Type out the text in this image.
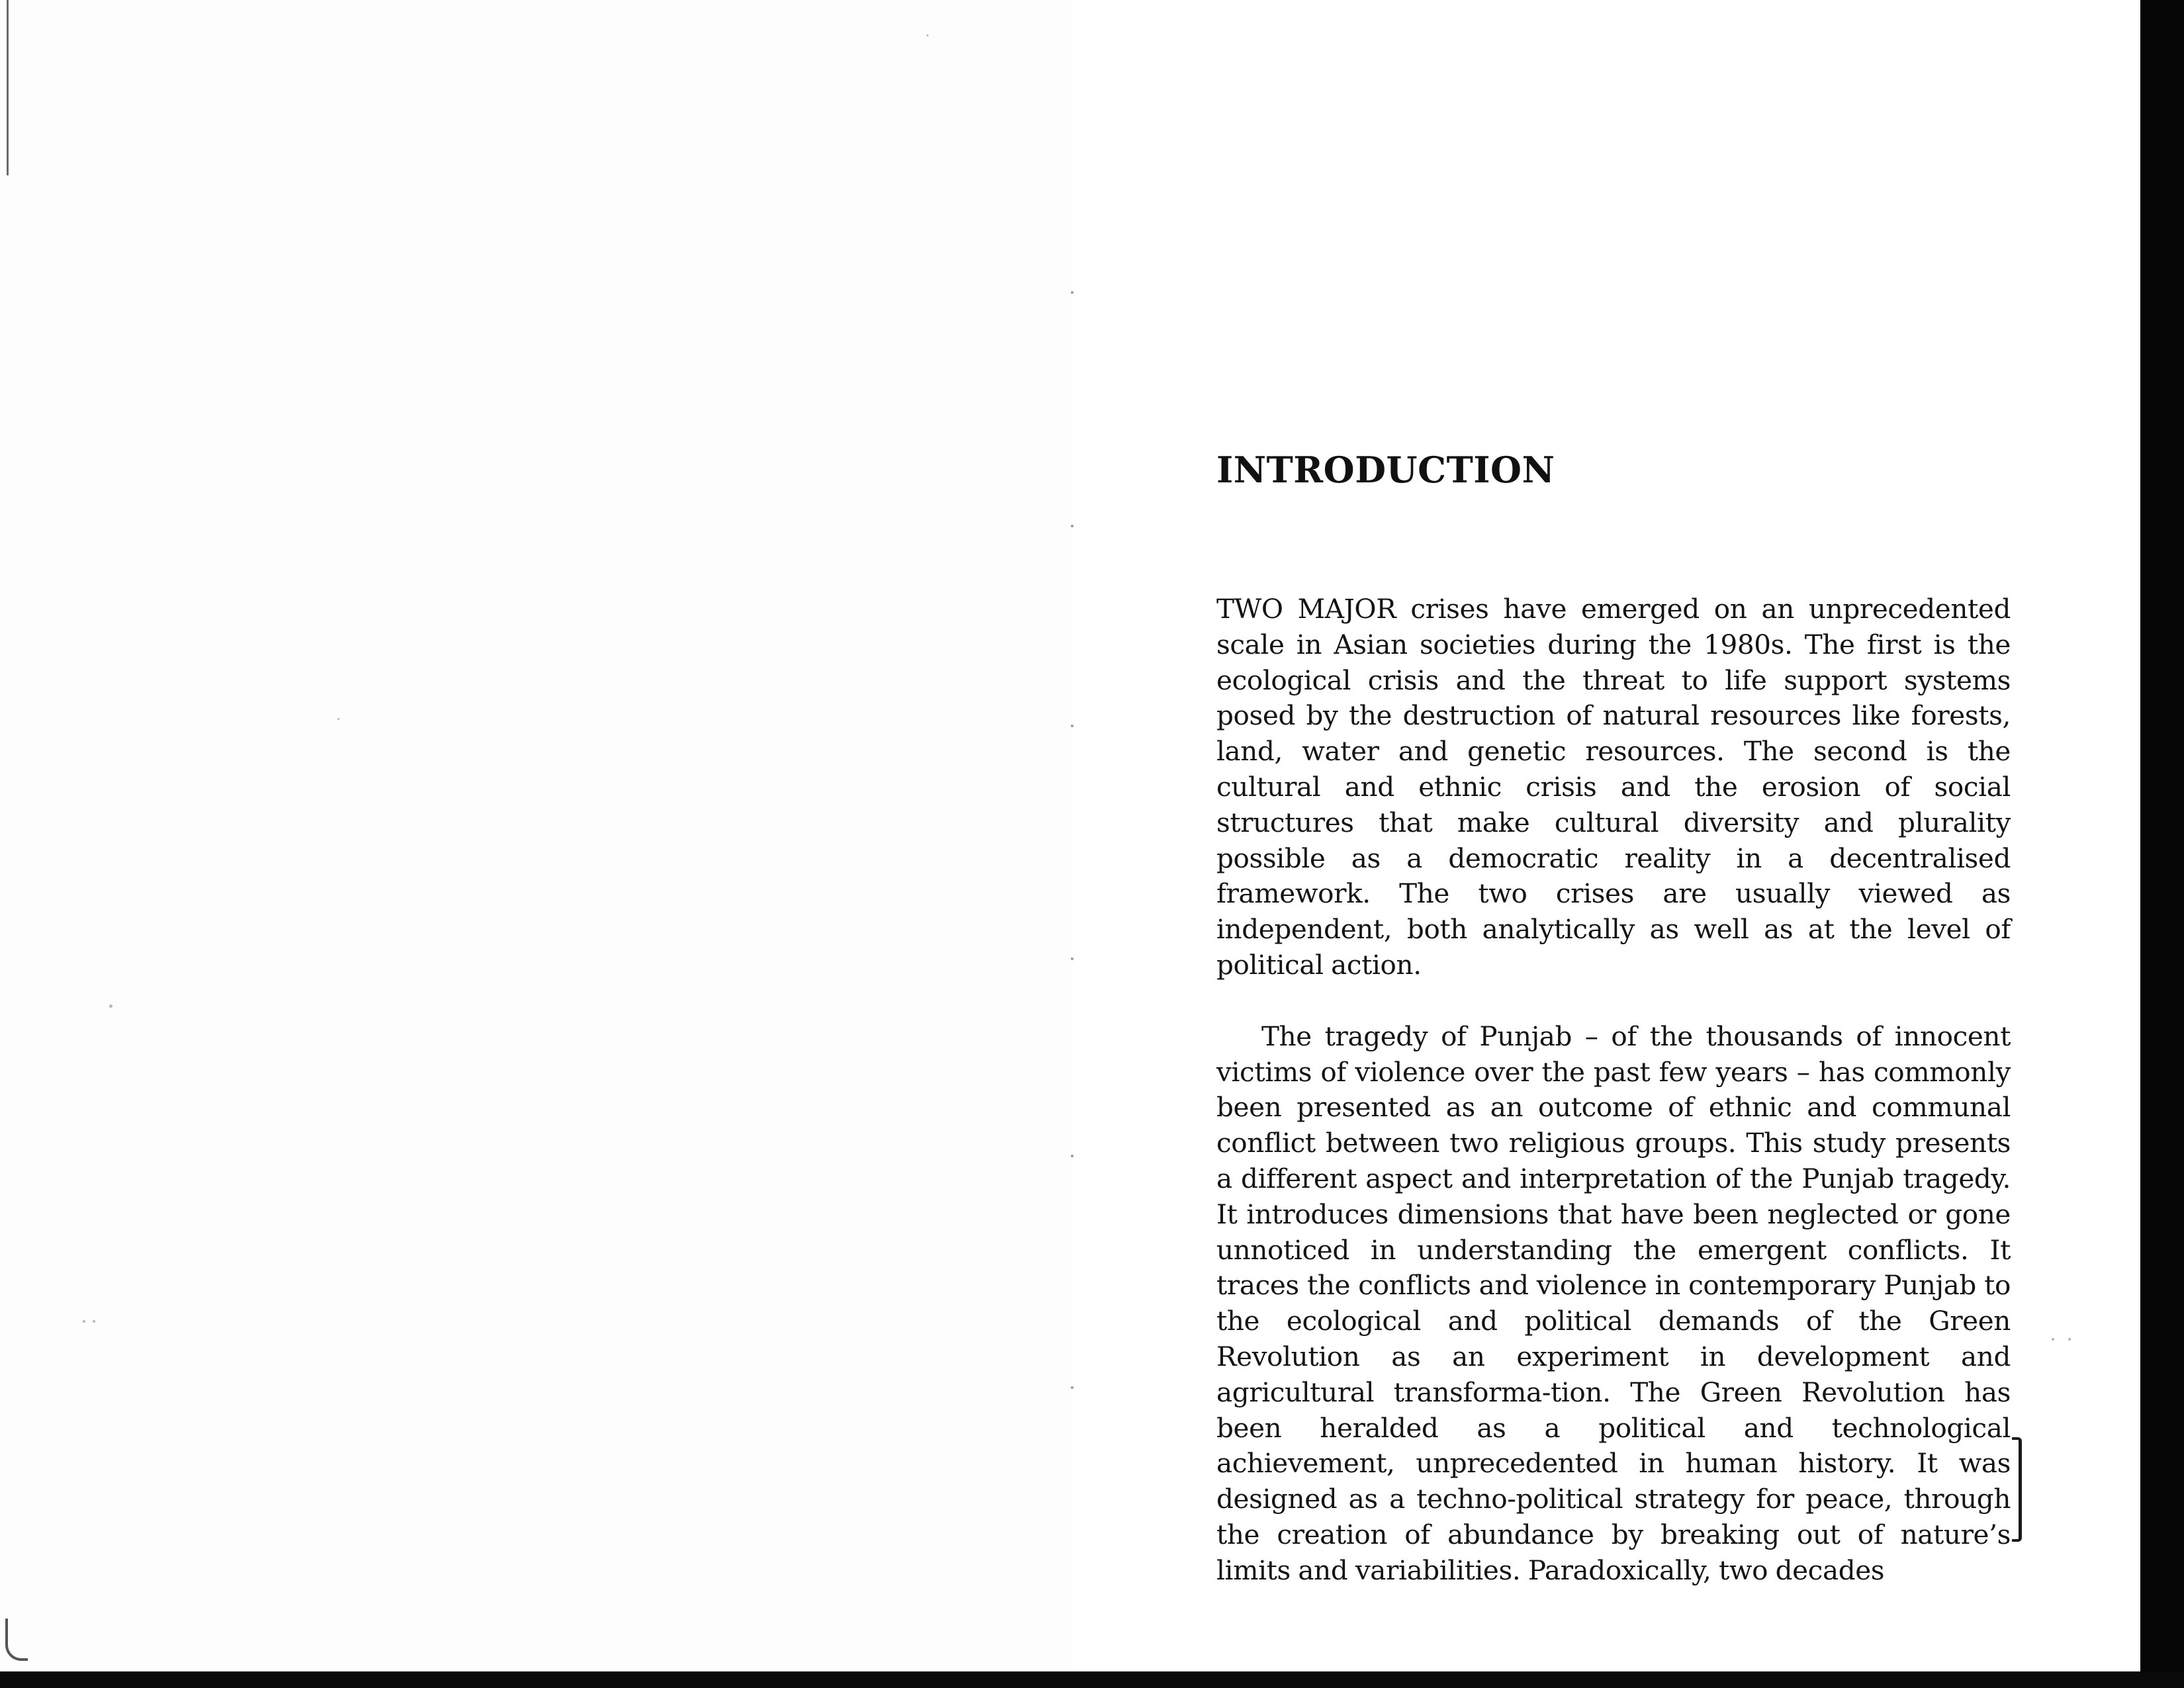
INTRODUCTION

TWO MAJOR crises have emerged on an unprecedented scale in Asian societies during the 1980s. The first is the ecological crisis and the threat to life support systems posed by the destruction of natural resources like forests, land, water and genetic resources. The second is the cultural and ethnic crisis and the erosion of social structures that make cultural diversity and plurality possible as a democratic reality in a decentralised framework. The two crises are usually viewed as independent, both analytically as well as at the level of political action.

The tragedy of Punjab – of the thousands of innocent victims of violence over the past few years – has commonly been presented as an outcome of ethnic and communal conflict between two religious groups. This study presents a different aspect and interpretation of the Punjab tragedy. It introduces dimensions that have been neglected or gone unnoticed in understanding the emergent conflicts. It traces the conflicts and violence in contemporary Punjab to the ecological and political demands of the Green Revolution as an experiment in development and agricultural transforma-tion. The Green Revolution has been heralded as a political and technological achievement, unprecedented in human history. It was designed as a techno-political strategy for peace, through the creation of abundance by breaking out of nature’s limits and variabilities. Paradoxically, two decades
